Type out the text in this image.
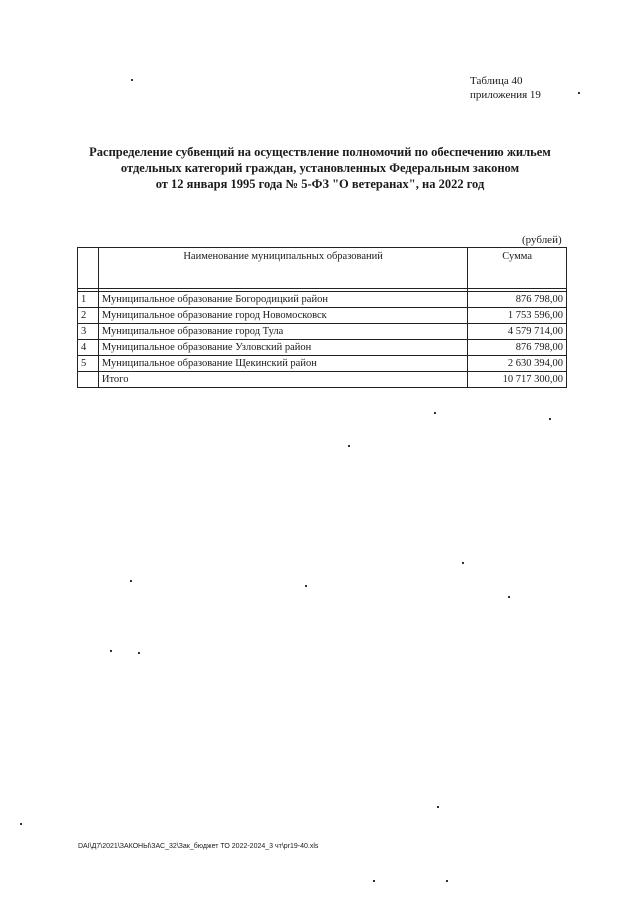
Таблица 40
приложения 19
Распределение субвенций на осуществление полномочий по обеспечению жильем
отдельных категорий граждан, установленных Федеральным законом
от 12 января 1995 года № 5-ФЗ "О ветеранах", на 2022 год
(рублей)
	Наименование муниципальных образований	Сумма

1	Муниципальное образование Богородицкий район	876 798,00
2	Муниципальное образование город Новомосковск	1 753 596,00
3	Муниципальное образование город Тула	4 579 714,00
4	Муниципальное образование Узловский район	876 798,00
5	Муниципальное образование Щекинский район	2 630 394,00
	Итого	10 717 300,00
DAI\Д7\2021\ЗАКОНЫ\ЗАС_32\Зак_бюджет ТО 2022-2024_3 чт\pr19-40.xls
